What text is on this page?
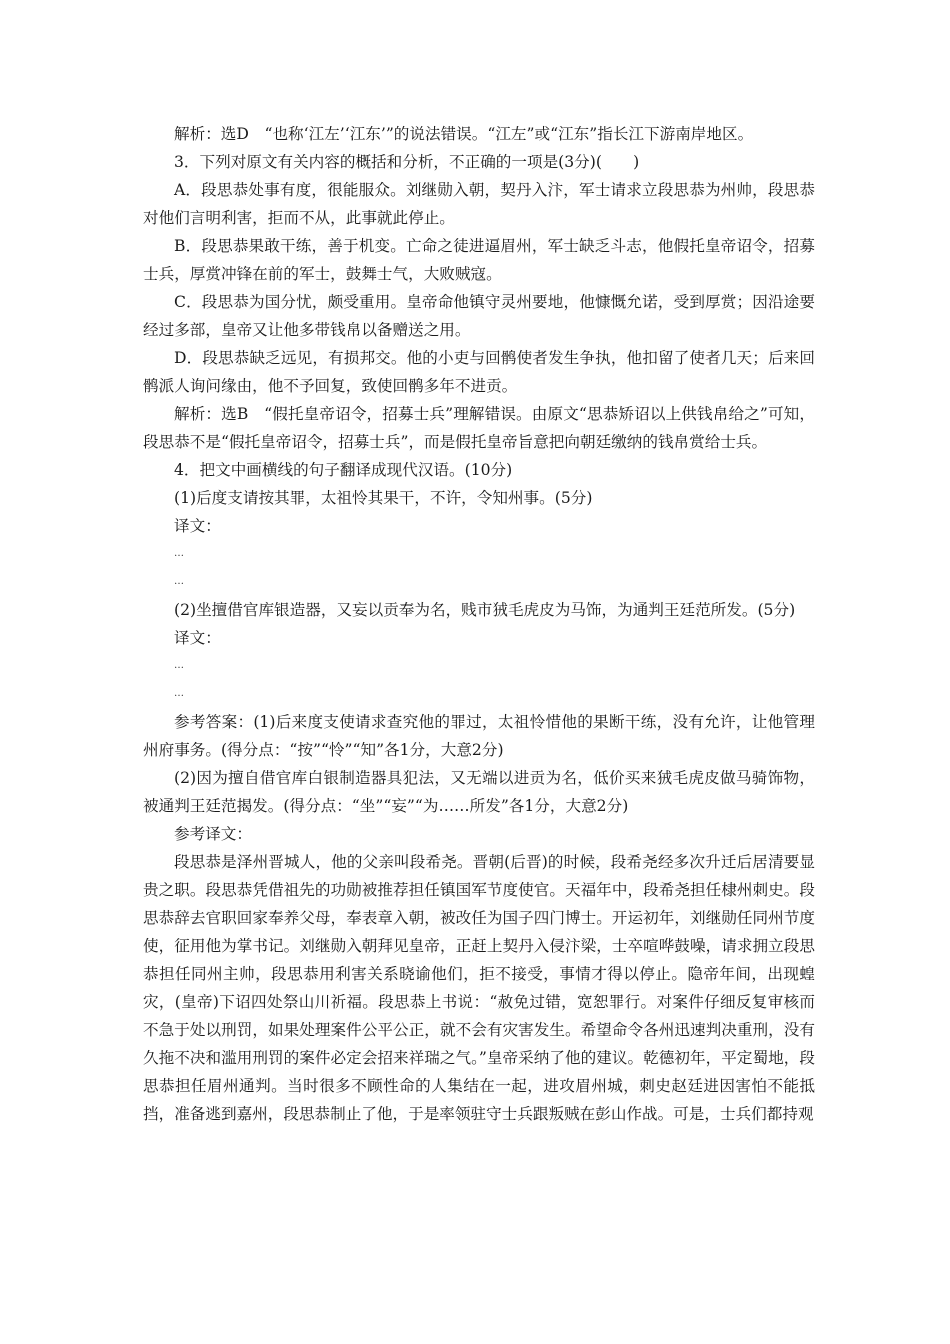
解析：选D　“也称‘江左’‘江东’”的说法错误。“江左”或“江东”指长江下游南岸地区。

3．下列对原文有关内容的概括和分析，不正确的一项是(3分)(　　)

A．段思恭处事有度，很能服众。刘继勋入朝，契丹入汴，军士请求立段思恭为州帅，段思恭对他们言明利害，拒而不从，此事就此停止。

B．段思恭果敢干练，善于机变。亡命之徒进逼眉州，军士缺乏斗志，他假托皇帝诏令，招募士兵，厚赏冲锋在前的军士，鼓舞士气，大败贼寇。

C．段思恭为国分忧，颇受重用。皇帝命他镇守灵州要地，他慷慨允诺，受到厚赏；因沿途要经过多部，皇帝又让他多带钱帛以备赠送之用。

D．段思恭缺乏远见，有损邦交。他的小吏与回鹘使者发生争执，他扣留了使者几天；后来回鹘派人询问缘由，他不予回复，致使回鹘多年不进贡。

解析：选B　“假托皇帝诏令，招募士兵”理解错误。由原文“思恭矫诏以上供钱帛给之”可知，段思恭不是“假托皇帝诏令，招募士兵”，而是假托皇帝旨意把向朝廷缴纳的钱帛赏给士兵。

4．把文中画横线的句子翻译成现代汉语。(10分)

(1)后度支请按其罪，太祖怜其果干，不许，令知州事。(5分)

译文：

…

…

(2)坐擅借官库银造器，又妄以贡奉为名，贱市狨毛虎皮为马饰，为通判王廷范所发。(5分)

译文：

…

…

参考答案：(1)后来度支使请求查究他的罪过，太祖怜惜他的果断干练，没有允许，让他管理州府事务。(得分点：“按”“怜”“知”各1分，大意2分)

(2)因为擅自借官库白银制造器具犯法，又无端以进贡为名，低价买来狨毛虎皮做马骑饰物，被通判王廷范揭发。(得分点：“坐”“妄”“为……所发”各1分，大意2分)

参考译文：

段思恭是泽州晋城人，他的父亲叫段希尧。晋朝(后晋)的时候，段希尧经多次升迁后居清要显贵之职。段思恭凭借祖先的功勋被推荐担任镇国军节度使官。天福年中，段希尧担任棣州刺史。段思恭辞去官职回家奉养父母，奉表章入朝，被改任为国子四门博士。开运初年，刘继勋任同州节度使，征用他为掌书记。刘继勋入朝拜见皇帝，正赶上契丹入侵汴梁，士卒喧哗鼓噪，请求拥立段思恭担任同州主帅，段思恭用利害关系晓谕他们，拒不接受，事情才得以停止。隐帝年间，出现蝗灾，(皇帝)下诏四处祭山川祈福。段思恭上书说：“赦免过错，宽恕罪行。对案件仔细反复审核而不急于处以刑罚，如果处理案件公平公正，就不会有灾害发生。希望命令各州迅速判决重刑，没有久拖不决和滥用刑罚的案件必定会招来祥瑞之气。”皇帝采纳了他的建议。乾德初年，平定蜀地，段思恭担任眉州通判。当时很多不顾性命的人集结在一起，进攻眉州城，刺史赵廷进因害怕不能抵挡，准备逃到嘉州，段思恭制止了他，于是率领驻守士兵跟叛贼在彭山作战。可是，士兵们都持观
